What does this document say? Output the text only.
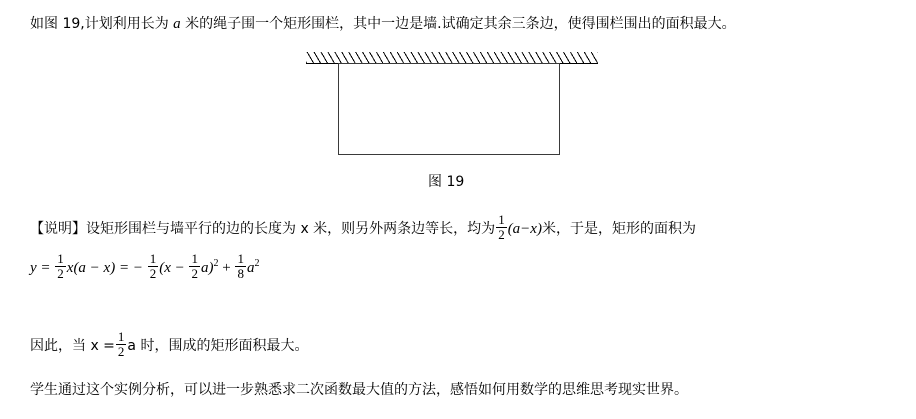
如图 19,计划利用长为 a 米的绳子围一个矩形围栏，其中一边是墙.试确定其余三条边，使得围栏围出的面积最大。
图 19
【说明】设矩形围栏与墙平行的边的长度为 x 米，则另外两条边等长，均为 $\frac{1}{2} (a-x)$米，于是，矩形的面积为
$y = \frac{1}{2} x(a - x)$ = − $\frac{1}{2} (x - \frac{1}{2} a)^2 + \frac{1}{8} a^2$
因此，当 $x = \frac{1}{2}$ a 时，围成的矩形面积最大。
学生通过这个实例分析，可以进一步熟悉求二次函数最大值的方法，感悟如何用数学的思维思考现实世界。
